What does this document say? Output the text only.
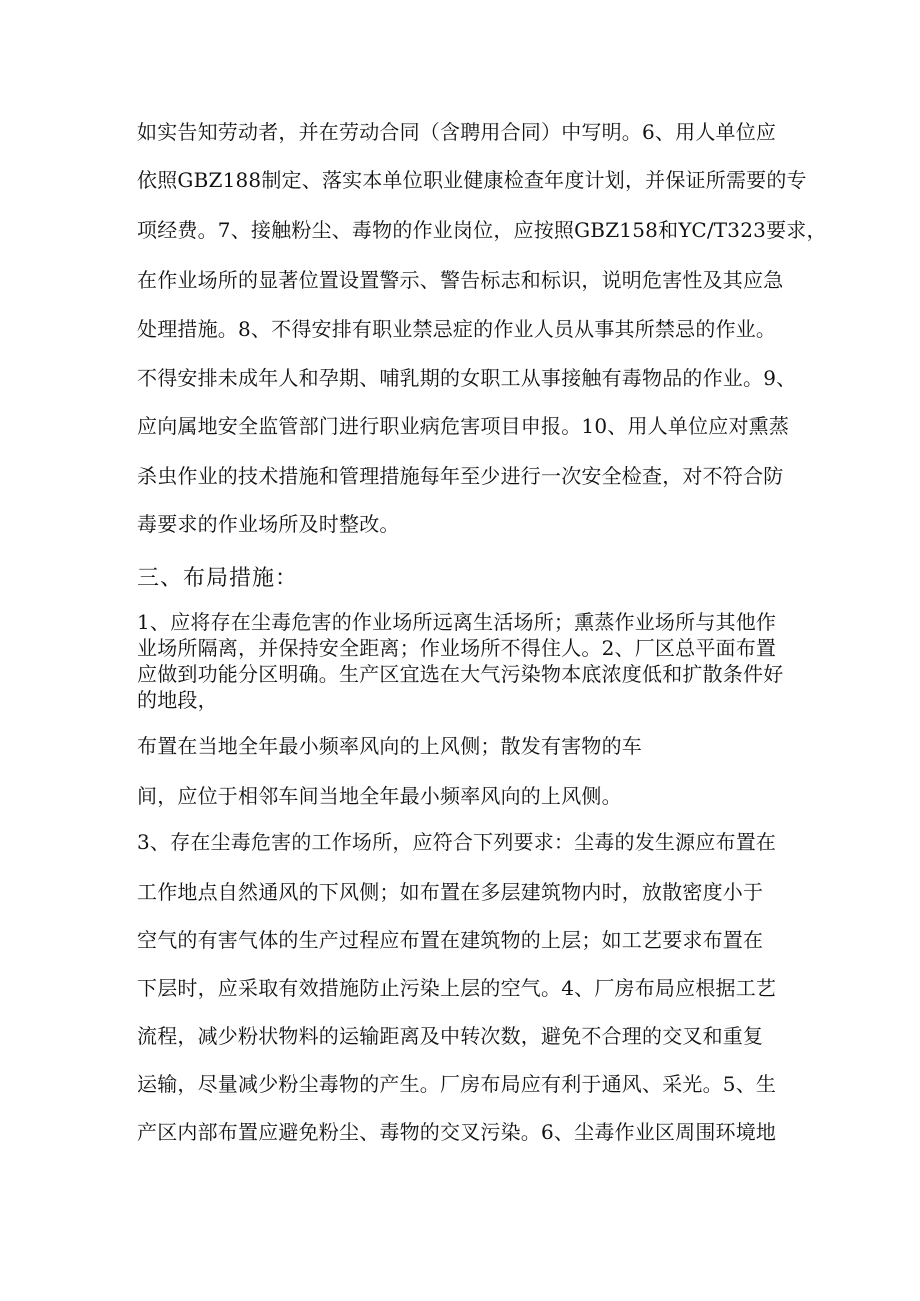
如实告知劳动者，并在劳动合同（含聘用合同）中写明。6、用人单位应
依照GBZ188制定、落实本单位职业健康检查年度计划，并保证所需要的专
项经费。7、接触粉尘、毒物的作业岗位，应按照GBZ158和YC/T323要求，
在作业场所的显著位置设置警示、警告标志和标识，说明危害性及其应急
处理措施。8、不得安排有职业禁忌症的作业人员从事其所禁忌的作业。
不得安排未成年人和孕期、哺乳期的女职工从事接触有毒物品的作业。9、
应向属地安全监管部门进行职业病危害项目申报。10、用人单位应对熏蒸
杀虫作业的技术措施和管理措施每年至少进行一次安全检查，对不符合防
毒要求的作业场所及时整改。
三、布局措施：
1、应将存在尘毒危害的作业场所远离生活场所；熏蒸作业场所与其他作
业场所隔离，并保持安全距离；作业场所不得住人。2、厂区总平面布置
应做到功能分区明确。生产区宜选在大气污染物本底浓度低和扩散条件好
的地段，
布置在当地全年最小频率风向的上风侧；散发有害物的车
间，应位于相邻车间当地全年最小频率风向的上风侧。
3、存在尘毒危害的工作场所，应符合下列要求：尘毒的发生源应布置在
工作地点自然通风的下风侧；如布置在多层建筑物内时，放散密度小于
空气的有害气体的生产过程应布置在建筑物的上层；如工艺要求布置在
下层时，应采取有效措施防止污染上层的空气。4、厂房布局应根据工艺
流程，减少粉状物料的运输距离及中转次数，避免不合理的交叉和重复
运输，尽量减少粉尘毒物的产生。厂房布局应有利于通风、采光。5、生
产区内部布置应避免粉尘、毒物的交叉污染。6、尘毒作业区周围环境地
